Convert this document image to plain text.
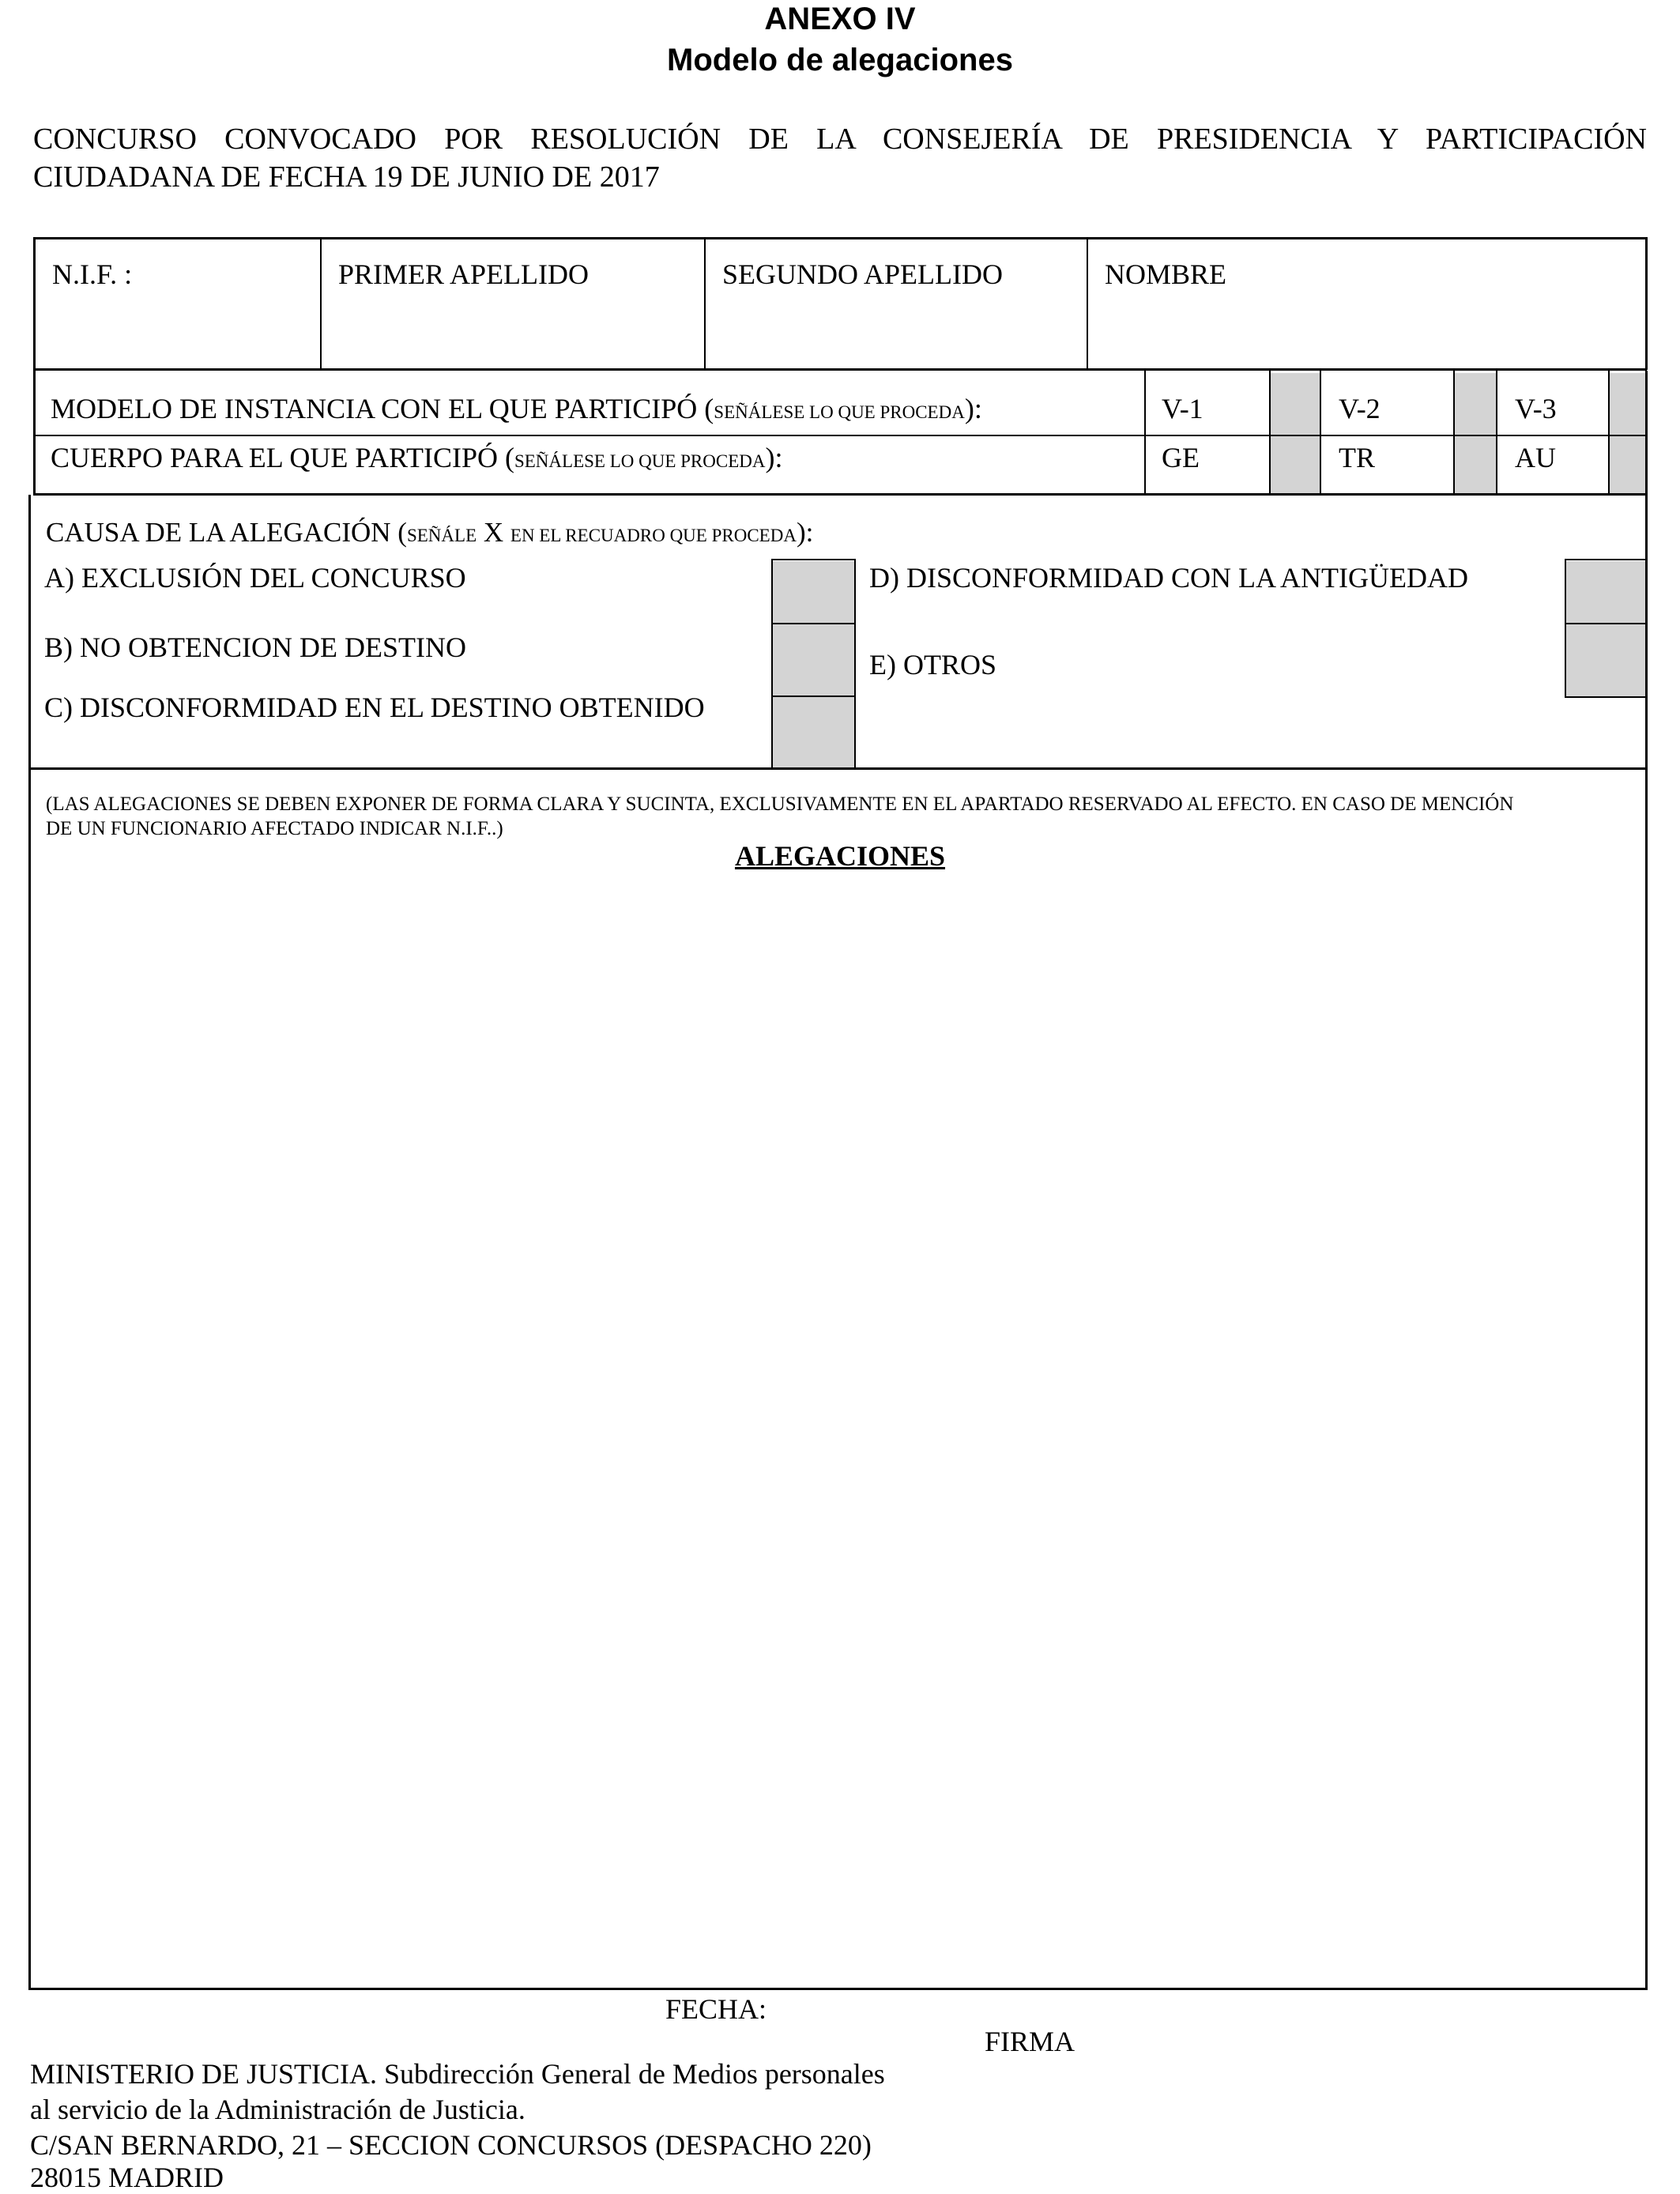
ANEXO IV
Modelo de alegaciones
CONCURSO CONVOCADO POR RESOLUCIÓN DE LA CONSEJERÍA DE PRESIDENCIA Y PARTICIPACIÓN
CIUDADANA DE FECHA 19 DE JUNIO DE 2017
N.I.F. :	PRIMER APELLIDO	SEGUNDO APELLIDO	NOMBRE
MODELO DE INSTANCIA CON EL QUE PARTICIPÓ (SEÑÁLESE LO QUE PROCEDA):	V-1	V-2	V-3
CUERPO PARA EL QUE PARTICIPÓ (SEÑÁLESE LO QUE PROCEDA):	GE	TR	AU
CAUSA DE LA ALEGACIÓN (SEÑÁLE X EN EL RECUADRO QUE PROCEDA):
A) EXCLUSIÓN DEL CONCURSO
B) NO OBTENCION DE DESTINO
C) DISCONFORMIDAD EN EL DESTINO OBTENIDO
D) DISCONFORMIDAD CON LA ANTIGÜEDAD
E) OTROS
(LAS ALEGACIONES SE DEBEN EXPONER DE FORMA CLARA Y SUCINTA, EXCLUSIVAMENTE EN EL APARTADO RESERVADO AL EFECTO. EN CASO DE MENCIÓN
DE UN FUNCIONARIO AFECTADO INDICAR N.I.F..)
ALEGACIONES
FECHA:
FIRMA
MINISTERIO DE JUSTICIA. Subdirección General de Medios personales
al servicio de la Administración de Justicia.
C/SAN BERNARDO, 21 – SECCION CONCURSOS (DESPACHO 220)
28015 MADRID
